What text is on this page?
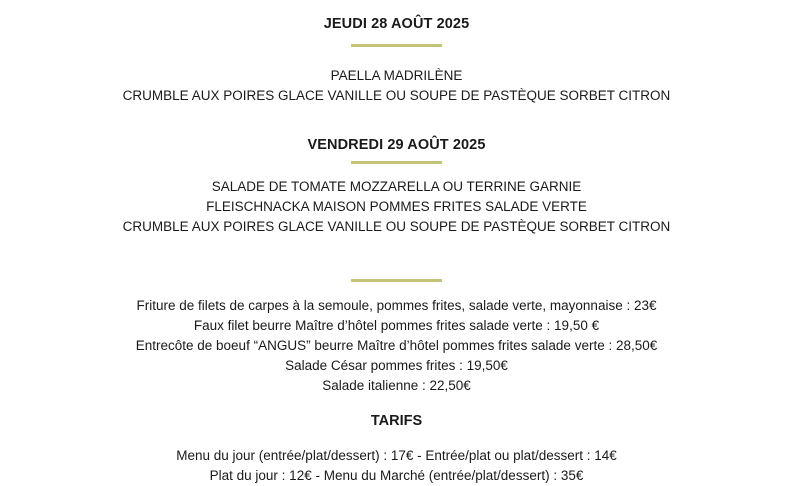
JEUDI 28 AOÛT 2025
PAELLA MADRILÈNE
CRUMBLE AUX POIRES GLACE VANILLE OU SOUPE DE PASTÈQUE SORBET CITRON
VENDREDI 29 AOÛT 2025
SALADE DE TOMATE MOZZARELLA OU TERRINE GARNIE
FLEISCHNACKA MAISON POMMES FRITES SALADE VERTE
CRUMBLE AUX POIRES GLACE VANILLE OU SOUPE DE PASTÈQUE SORBET CITRON
Friture de filets de carpes à la semoule, pommes frites, salade verte, mayonnaise : 23€
Faux filet beurre Maître d’hôtel pommes frites salade verte : 19,50 €
Entrecôte de boeuf “ANGUS” beurre Maître d’hôtel pommes frites salade verte : 28,50€
Salade César pommes frites : 19,50€
Salade italienne : 22,50€
TARIFS
Menu du jour (entrée/plat/dessert) : 17€ - Entrée/plat ou plat/dessert : 14€
Plat du jour : 12€ - Menu du Marché (entrée/plat/dessert) : 35€
